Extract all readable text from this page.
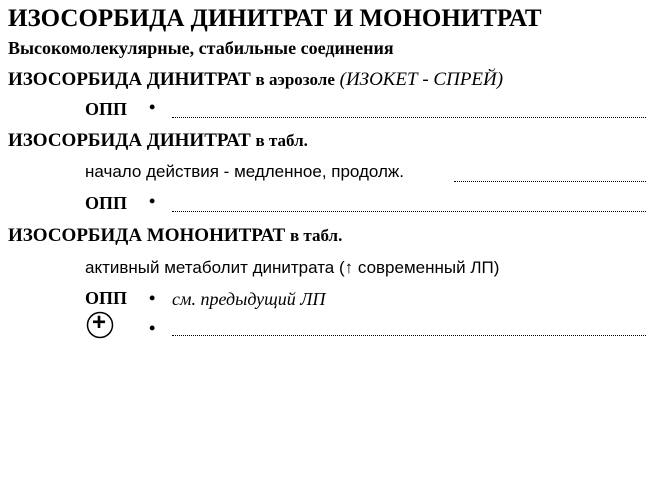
ИЗОСОРБИДА ДИНИТРАТ И МОНОНИТРАТ
Высокомолекулярные, стабильные соединения
ИЗОСОРБИДА ДИНИТРАТ в аэрозоле (ИЗОКЕТ - СПРЕЙ)
ОПП •
ИЗОСОРБИДА ДИНИТРАТ в табл.
начало действия - медленное, продолж.
ОПП •
ИЗОСОРБИДА МОНОНИТРАТ в табл.
активный метаболит динитрата (↑ современный ЛП)
ОПП • см. предыдущий ЛП
+ •
